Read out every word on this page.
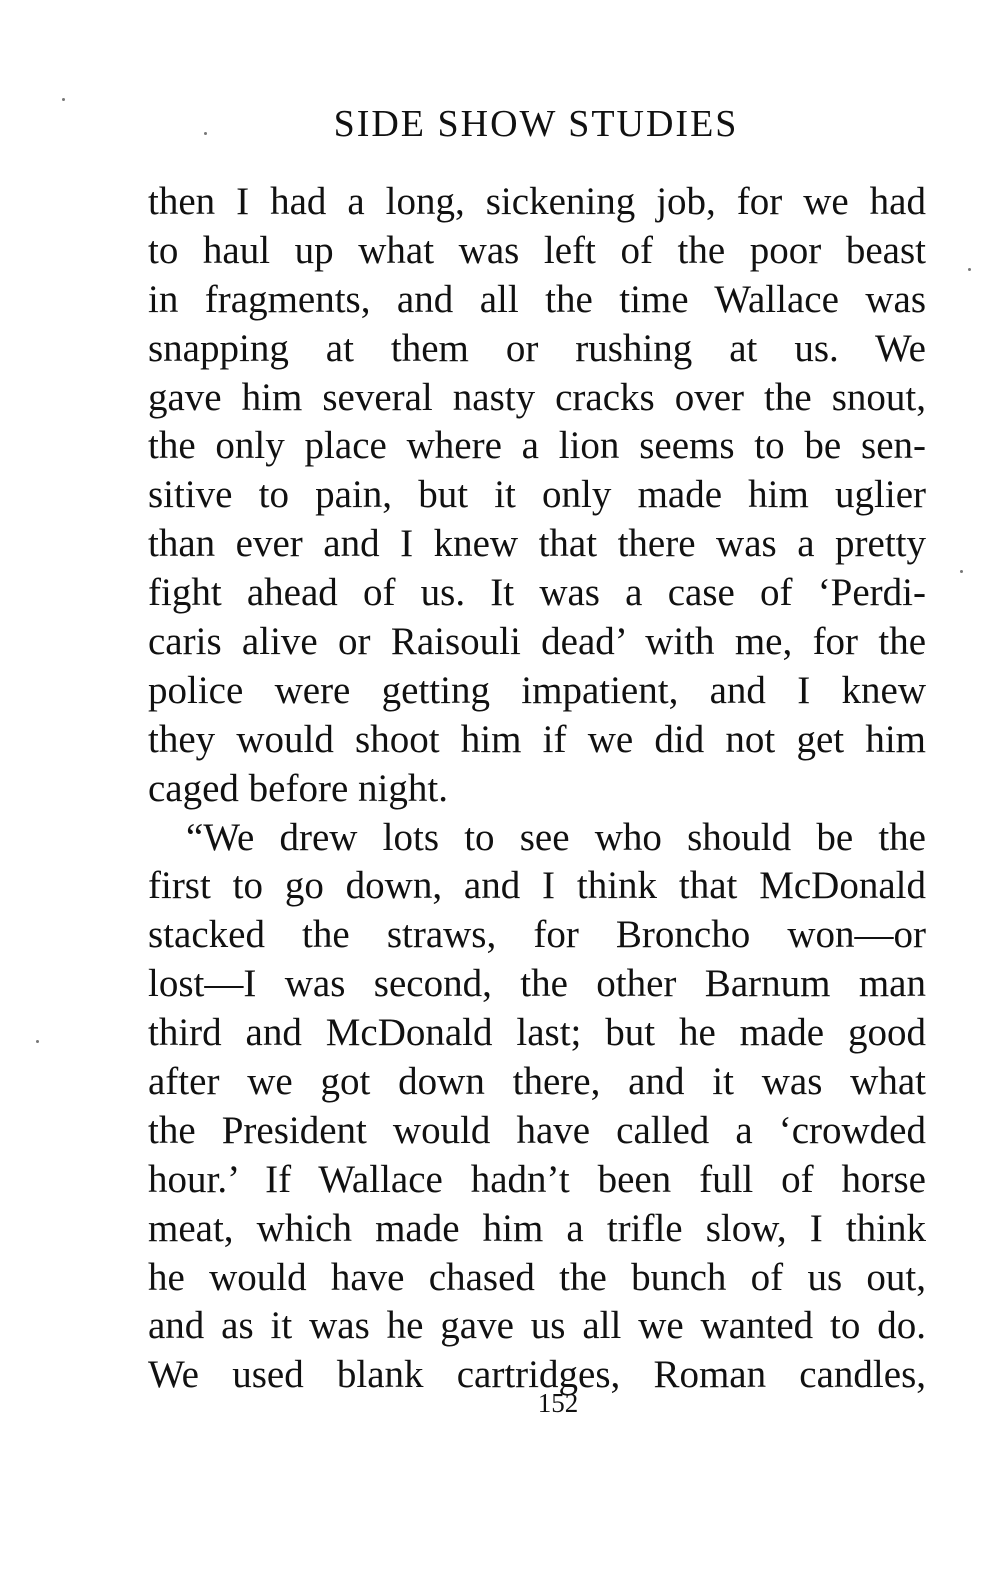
SIDE SHOW STUDIES
then I had a long, sickening job, for we had
to haul up what was left of the poor beast
in fragments, and all the time Wallace was
snapping at them or rushing at us. We
gave him several nasty cracks over the snout,
the only place where a lion seems to be sen-
sitive to pain, but it only made him uglier
than ever and I knew that there was a pretty
fight ahead of us. It was a case of ‘Perdi-
caris alive or Raisouli dead’ with me, for the
police were getting impatient, and I knew
they would shoot him if we did not get him
caged before night.
“We drew lots to see who should be the
first to go down, and I think that McDonald
stacked the straws, for Broncho won—or
lost—I was second, the other Barnum man
third and McDonald last; but he made good
after we got down there, and it was what
the President would have called a ‘crowded
hour.’ If Wallace hadn’t been full of horse
meat, which made him a trifle slow, I think
he would have chased the bunch of us out,
and as it was he gave us all we wanted to do.
We used blank cartridges, Roman candles,
152
